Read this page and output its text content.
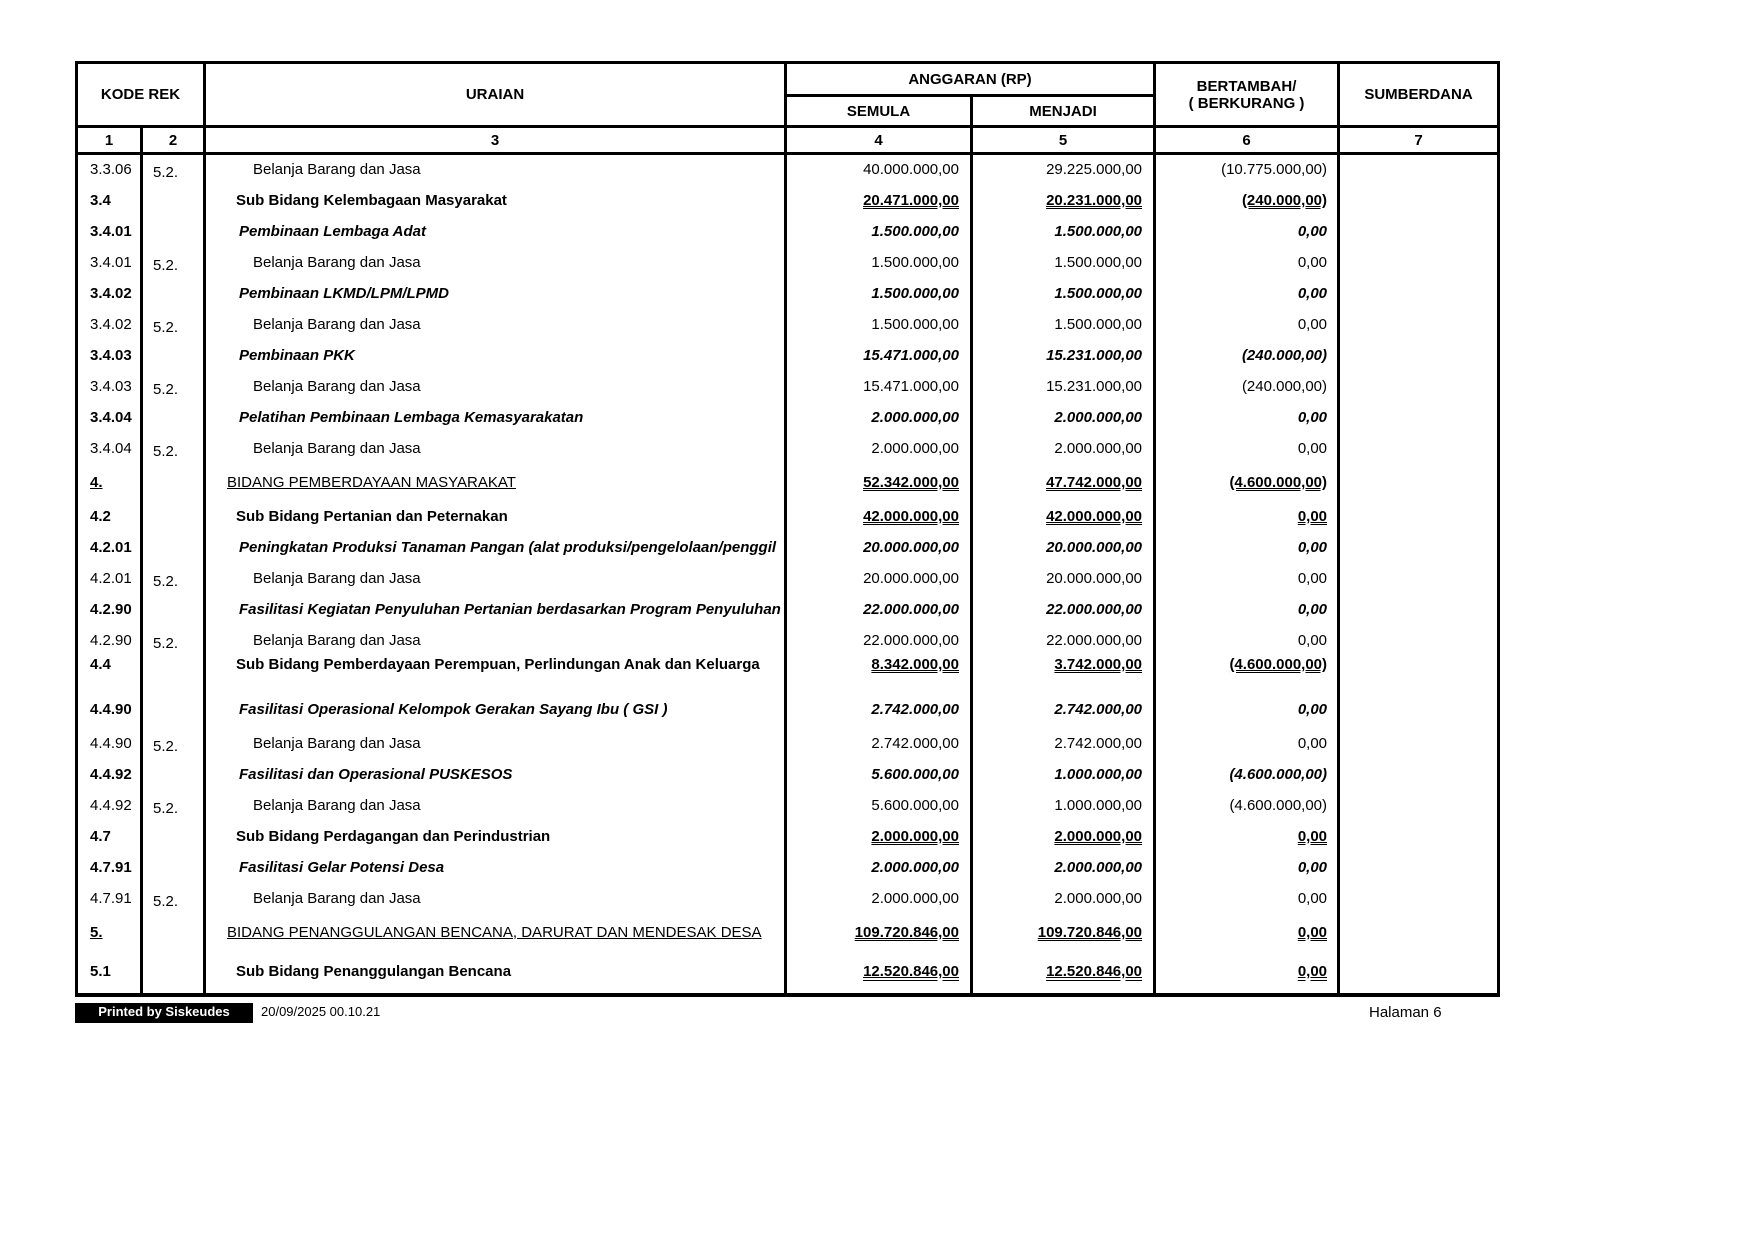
KODE REK		URAIAN	ANGGARAN (RP)		BERTAMBAH/
( BERKURANG )	SUMBERDANA
			SEMULA	MENJADI		
1	2	3	4	5	6	7
3.3.06	5.2.	Belanja Barang dan Jasa	40.000.000,00	29.225.000,00	(10.775.000,00)	
3.4		Sub Bidang Kelembagaan Masyarakat	20.471.000,00	20.231.000,00	(240.000,00)	
3.4.01		Pembinaan Lembaga Adat	1.500.000,00	1.500.000,00	0,00	
3.4.01	5.2.	Belanja Barang dan Jasa	1.500.000,00	1.500.000,00	0,00	
3.4.02		Pembinaan LKMD/LPM/LPMD	1.500.000,00	1.500.000,00	0,00	
3.4.02	5.2.	Belanja Barang dan Jasa	1.500.000,00	1.500.000,00	0,00	
3.4.03		Pembinaan PKK	15.471.000,00	15.231.000,00	(240.000,00)	
3.4.03	5.2.	Belanja Barang dan Jasa	15.471.000,00	15.231.000,00	(240.000,00)	
3.4.04		Pelatihan Pembinaan Lembaga Kemasyarakatan	2.000.000,00	2.000.000,00	0,00	
3.4.04	5.2.	Belanja Barang dan Jasa	2.000.000,00	2.000.000,00	0,00	
4.		BIDANG PEMBERDAYAAN MASYARAKAT	52.342.000,00	47.742.000,00	(4.600.000,00)	
4.2		Sub Bidang Pertanian dan Peternakan	42.000.000,00	42.000.000,00	0,00	
4.2.01		Peningkatan Produksi Tanaman Pangan (alat produksi/pengelolaan/penggil	20.000.000,00	20.000.000,00	0,00	
4.2.01	5.2.	Belanja Barang dan Jasa	20.000.000,00	20.000.000,00	0,00	
4.2.90		Fasilitasi Kegiatan Penyuluhan Pertanian berdasarkan Program Penyuluhan	22.000.000,00	22.000.000,00	0,00	
4.2.90	5.2.	Belanja Barang dan Jasa	22.000.000,00	22.000.000,00	0,00	
4.4		Sub Bidang Pemberdayaan Perempuan, Perlindungan Anak dan Keluarga	8.342.000,00	3.742.000,00	(4.600.000,00)	
4.4.90		Fasilitasi Operasional Kelompok Gerakan Sayang Ibu ( GSI )	2.742.000,00	2.742.000,00	0,00	
4.4.90	5.2.	Belanja Barang dan Jasa	2.742.000,00	2.742.000,00	0,00	
4.4.92		Fasilitasi dan Operasional PUSKESOS	5.600.000,00	1.000.000,00	(4.600.000,00)	
4.4.92	5.2.	Belanja Barang dan Jasa	5.600.000,00	1.000.000,00	(4.600.000,00)	
4.7		Sub Bidang Perdagangan dan Perindustrian	2.000.000,00	2.000.000,00	0,00	
4.7.91		Fasilitasi Gelar Potensi Desa	2.000.000,00	2.000.000,00	0,00	
4.7.91	5.2.	Belanja Barang dan Jasa	2.000.000,00	2.000.000,00	0,00	
5.		BIDANG PENANGGULANGAN BENCANA, DARURAT DAN MENDESAK DESA	109.720.846,00	109.720.846,00	0,00	
5.1		Sub Bidang Penanggulangan Bencana	12.520.846,00	12.520.846,00	0,00	
Printed by Siskeudes	20/09/2025 00.10.21	Halaman 6
